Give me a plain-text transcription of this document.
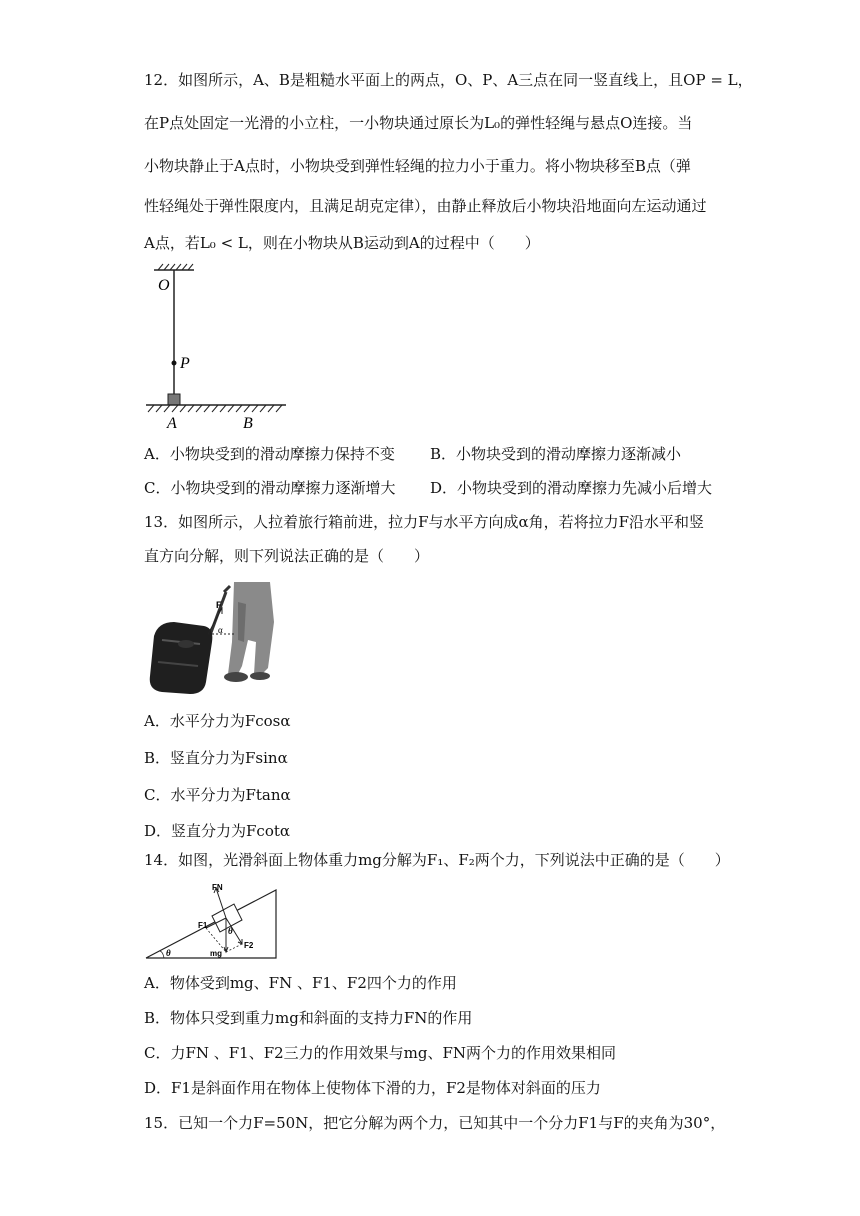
12．如图所示，A、B是粗糙水平面上的两点，O、P、A三点在同一竖直线上，且OP = L，
在P点处固定一光滑的小立柱，一小物块通过原长为L₀的弹性轻绳与悬点O连接。当
小物块静止于A点时，小物块受到弹性轻绳的拉力小于重力。将小物块移至B点（弹
性轻绳处于弹性限度内，且满足胡克定律），由静止释放后小物块沿地面向左运动通过
A点，若L₀ < L，则在小物块从B运动到A的过程中（　　）
O
P
A	B
A．小物块受到的滑动摩擦力保持不变 B．小物块受到的滑动摩擦力逐渐减小
C．小物块受到的滑动摩擦力逐渐增大 D．小物块受到的滑动摩擦力先减小后增大
13．如图所示，人拉着旅行箱前进，拉力F与水平方向成α角，若将拉力F沿水平和竖
直方向分解，则下列说法正确的是（　　）
F
α
A．水平分力为Fcosα
B．竖直分力为Fsinα
C．水平分力为Ftanα
D．竖直分力为Fcotα
14．如图，光滑斜面上物体重力mg分解为F₁、F₂两个力，下列说法中正确的是（　　）
FN
F1
F2
mg
θ
θ
A．物体受到mg、FN 、F1、F2四个力的作用
B．物体只受到重力mg和斜面的支持力FN的作用
C．力FN 、F1、F2三力的作用效果与mg、FN两个力的作用效果相同
D．F1是斜面作用在物体上使物体下滑的力，F2是物体对斜面的压力
15．已知一个力F=50N，把它分解为两个力，已知其中一个分力F1与F的夹角为30°，
